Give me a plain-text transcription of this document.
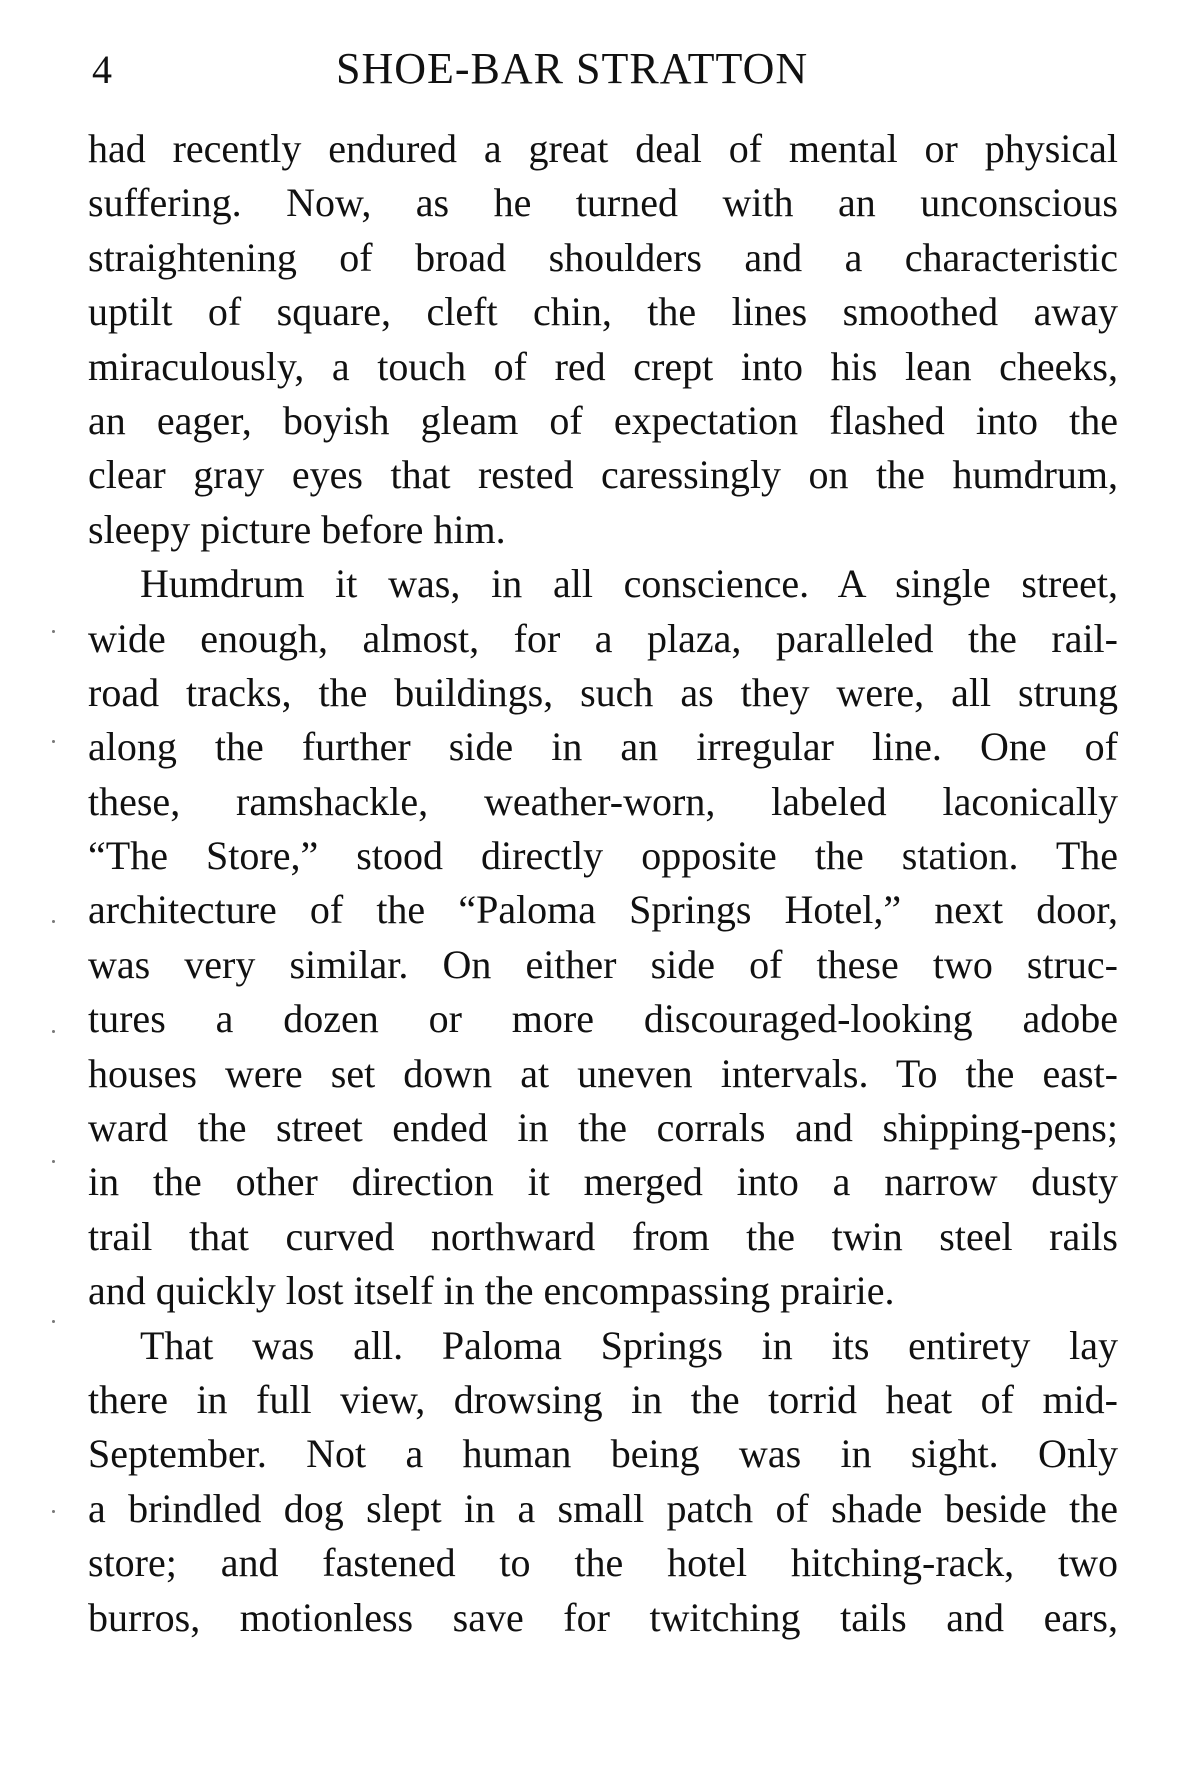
4	SHOE-BAR STRATTON
had recently endured a great deal of mental or physical
suffering. Now, as he turned with an unconscious
straightening of broad shoulders and a characteristic
uptilt of square, cleft chin, the lines smoothed away
miraculously, a touch of red crept into his lean cheeks,
an eager, boyish gleam of expectation flashed into the
clear gray eyes that rested caressingly on the humdrum,
sleepy picture before him.
Humdrum it was, in all conscience. A single street,
wide enough, almost, for a plaza, paralleled the rail-
road tracks, the buildings, such as they were, all strung
along the further side in an irregular line. One of
these, ramshackle, weather-worn, labeled laconically
“The Store,” stood directly opposite the station. The
architecture of the “Paloma Springs Hotel,” next door,
was very similar. On either side of these two struc-
tures a dozen or more discouraged-looking adobe
houses were set down at uneven intervals. To the east-
ward the street ended in the corrals and shipping-pens;
in the other direction it merged into a narrow dusty
trail that curved northward from the twin steel rails
and quickly lost itself in the encompassing prairie.
That was all. Paloma Springs in its entirety lay
there in full view, drowsing in the torrid heat of mid-
September. Not a human being was in sight. Only
a brindled dog slept in a small patch of shade beside the
store; and fastened to the hotel hitching-rack, two
burros, motionless save for twitching tails and ears,
